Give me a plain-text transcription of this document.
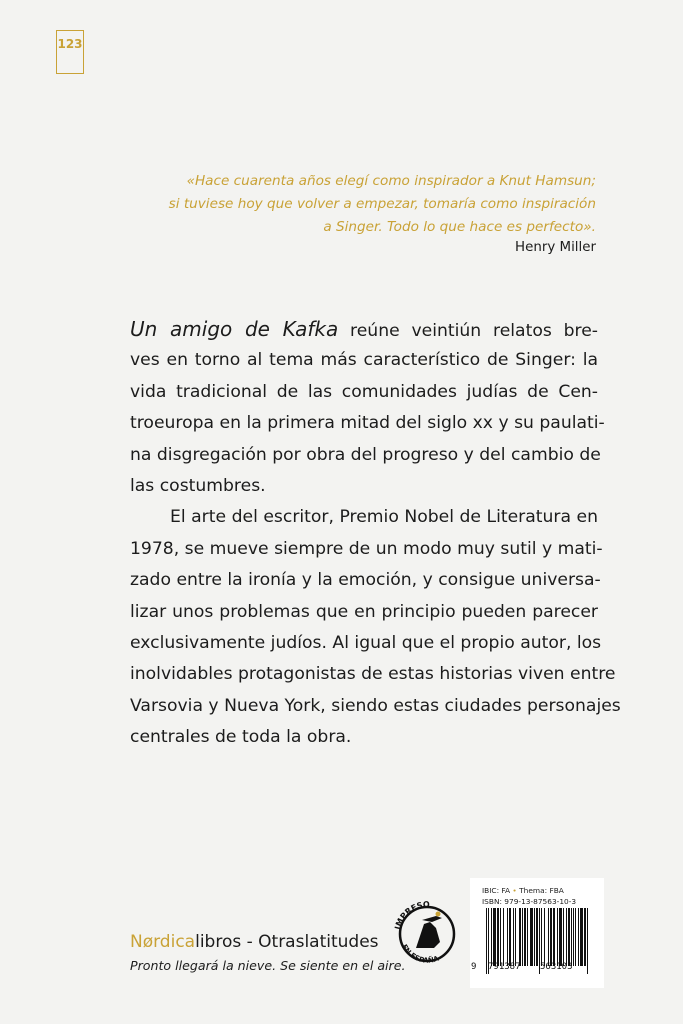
123
«Hace cuarenta años elegí como inspirador a Knut Hamsun;
si tuviese hoy que volver a empezar, tomaría como inspiración
a Singer. Todo lo que hace es perfecto».
Henry Miller
Un amigo de Kafka reúne veintiún relatos bre-
ves en torno al tema más característico de Singer: la
vida tradicional de las comunidades judías de Cen-
troeuropa en la primera mitad del siglo xx y su paulati-
na disgregación por obra del progreso y del cambio de
las costumbres.
El arte del escritor, Premio Nobel de Literatura en
1978, se mueve siempre de un modo muy sutil y mati-
zado entre la ironía y la emoción, y consigue universa-
lizar unos problemas que en principio pueden parecer
exclusivamente judíos. Al igual que el propio autor, los
inolvidables protagonistas de estas historias viven entre
Varsovia y Nueva York, siendo estas ciudades personajes
centrales de toda la obra.
Nørdicalibros - Otraslatitudes
Pronto llegará la nieve. Se siente en el aire.
IMPRESO
EN ESPAÑA
IBIC: FA • Thema: FBA
ISBN: 979-13-87563-10-3
9 791387 563103
